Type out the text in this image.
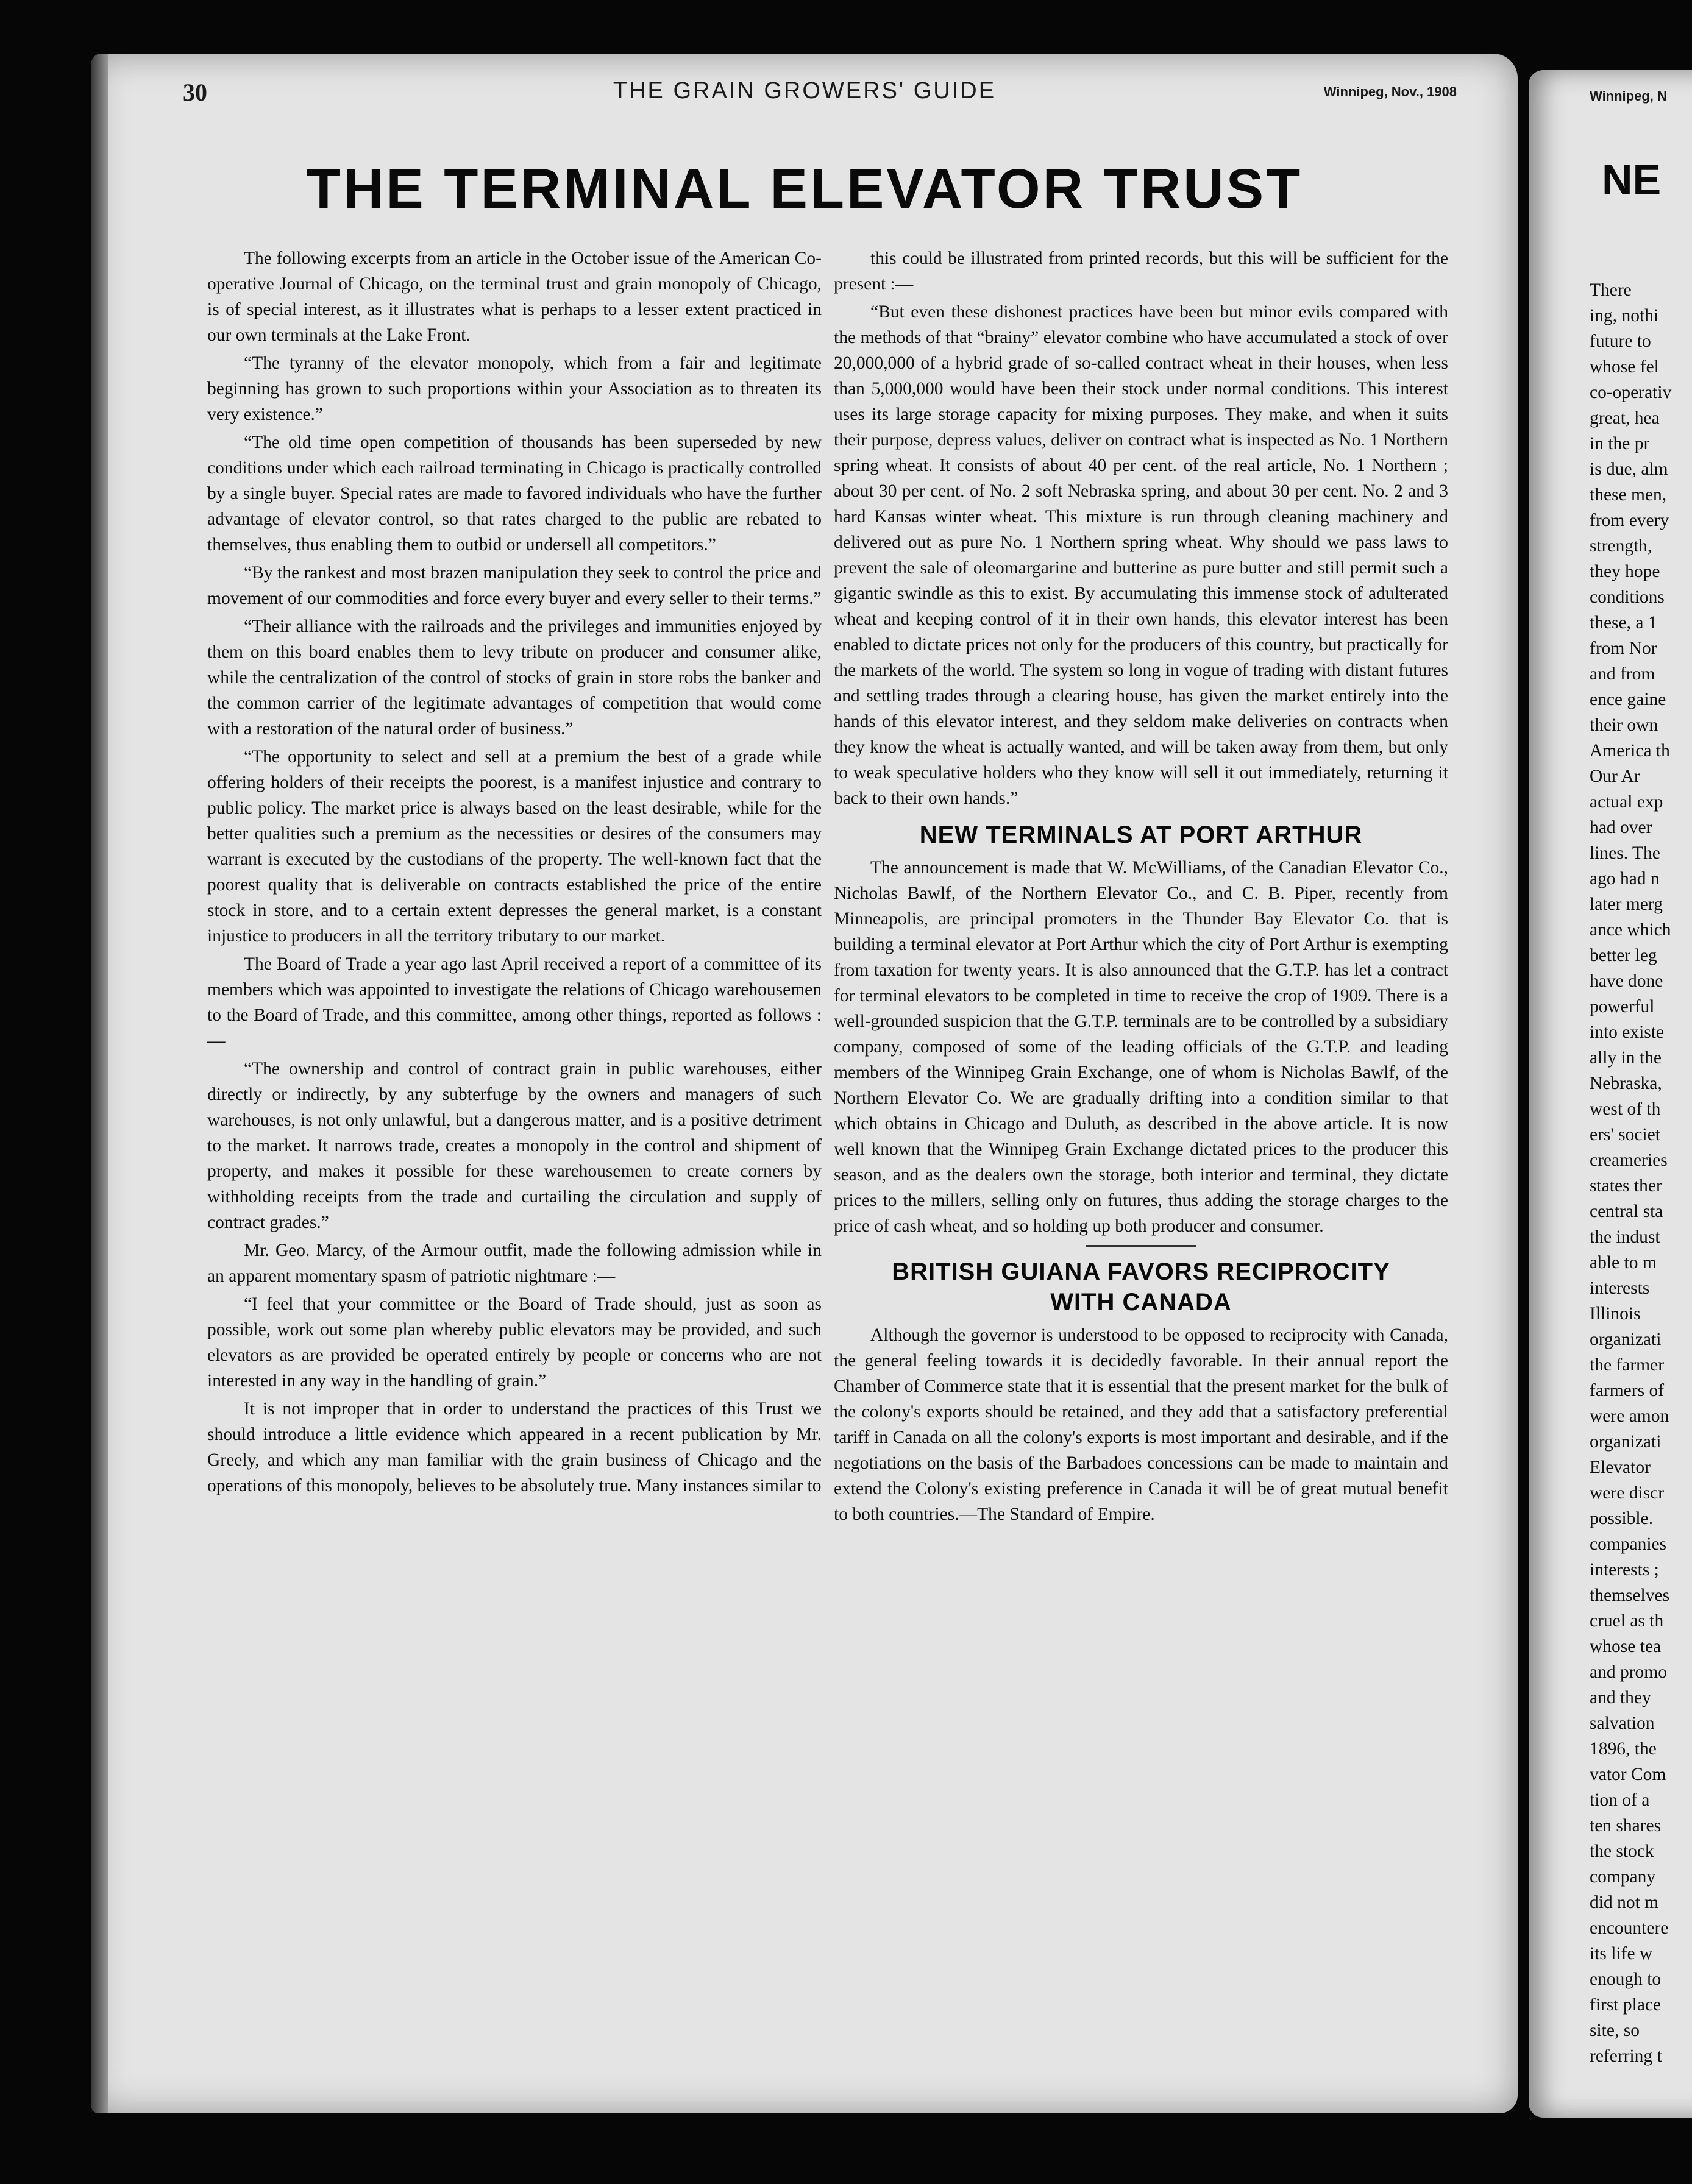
30	THE GRAIN GROWERS' GUIDE	Winnipeg, Nov., 1908
THE TERMINAL ELEVATOR TRUST

The following excerpts from an article in the October issue of the American Co-operative Journal of Chicago, on the terminal trust and grain monopoly of Chicago, is of special interest, as it illustrates what is perhaps to a lesser extent practiced in our own terminals at the Lake Front.

“The tyranny of the elevator monopoly, which from a fair and legitimate beginning has grown to such proportions within your Association as to threaten its very existence.”

“The old time open competition of thousands has been superseded by new conditions under which each railroad terminating in Chicago is practically controlled by a single buyer. Special rates are made to favored individuals who have the further advantage of elevator control, so that rates charged to the public are rebated to themselves, thus enabling them to outbid or undersell all competitors.”

“By the rankest and most brazen manipulation they seek to control the price and movement of our commodities and force every buyer and every seller to their terms.”

“Their alliance with the railroads and the privileges and immunities enjoyed by them on this board enables them to levy tribute on producer and consumer alike, while the centralization of the control of stocks of grain in store robs the banker and the common carrier of the legitimate advantages of competition that would come with a restoration of the natural order of business.”

“The opportunity to select and sell at a premium the best of a grade while offering holders of their receipts the poorest, is a manifest injustice and contrary to public policy. The market price is always based on the least desirable, while for the better qualities such a premium as the necessities or desires of the consumers may warrant is executed by the custodians of the property. The well-known fact that the poorest quality that is deliverable on contracts established the price of the entire stock in store, and to a certain extent depresses the general market, is a constant injustice to producers in all the territory tributary to our market.

The Board of Trade a year ago last April received a report of a committee of its members which was appointed to investigate the relations of Chicago warehousemen to the Board of Trade, and this committee, among other things, reported as follows :—

“The ownership and control of contract grain in public warehouses, either directly or indirectly, by any subterfuge by the owners and managers of such warehouses, is not only unlawful, but a dangerous matter, and is a positive detriment to the market. It narrows trade, creates a monopoly in the control and shipment of property, and makes it possible for these warehousemen to create corners by withholding receipts from the trade and curtailing the circulation and supply of contract grades.”

Mr. Geo. Marcy, of the Armour outfit, made the following admission while in an apparent momentary spasm of patriotic nightmare :—

“I feel that your committee or the Board of Trade should, just as soon as possible, work out some plan whereby public elevators may be provided, and such elevators as are provided be operated entirely by people or concerns who are not interested in any way in the handling of grain.”

It is not improper that in order to understand the practices of this Trust we should introduce a little evidence which appeared in a recent publication by Mr. Greely, and which any man familiar with the grain business of Chicago and the operations of this monopoly, believes to be absolutely true. Many instances similar to

this could be illustrated from printed records, but this will be sufficient for the present :—

“But even these dishonest practices have been but minor evils compared with the methods of that “brainy” elevator combine who have accumulated a stock of over 20,000,000 of a hybrid grade of so-called contract wheat in their houses, when less than 5,000,000 would have been their stock under normal conditions. This interest uses its large storage capacity for mixing purposes. They make, and when it suits their purpose, depress values, deliver on contract what is inspected as No. 1 Northern spring wheat. It consists of about 40 per cent. of the real article, No. 1 Northern ; about 30 per cent. of No. 2 soft Nebraska spring, and about 30 per cent. No. 2 and 3 hard Kansas winter wheat. This mixture is run through cleaning machinery and delivered out as pure No. 1 Northern spring wheat. Why should we pass laws to prevent the sale of oleomargarine and butterine as pure butter and still permit such a gigantic swindle as this to exist. By accumulating this immense stock of adulterated wheat and keeping control of it in their own hands, this elevator interest has been enabled to dictate prices not only for the producers of this country, but practically for the markets of the world. The system so long in vogue of trading with distant futures and settling trades through a clearing house, has given the market entirely into the hands of this elevator interest, and they seldom make deliveries on contracts when they know the wheat is actually wanted, and will be taken away from them, but only to weak speculative holders who they know will sell it out immediately, returning it back to their own hands.”

NEW TERMINALS AT PORT ARTHUR

The announcement is made that W. McWilliams, of the Canadian Elevator Co., Nicholas Bawlf, of the Northern Elevator Co., and C. B. Piper, recently from Minneapolis, are principal promoters in the Thunder Bay Elevator Co. that is building a terminal elevator at Port Arthur which the city of Port Arthur is exempting from taxation for twenty years. It is also announced that the G.T.P. has let a contract for terminal elevators to be completed in time to receive the crop of 1909. There is a well-grounded suspicion that the G.T.P. terminals are to be controlled by a subsidiary company, composed of some of the leading officials of the G.T.P. and leading members of the Winnipeg Grain Exchange, one of whom is Nicholas Bawlf, of the Northern Elevator Co. We are gradually drifting into a condition similar to that which obtains in Chicago and Duluth, as described in the above article. It is now well known that the Winnipeg Grain Exchange dictated prices to the producer this season, and as the dealers own the storage, both interior and terminal, they dictate prices to the millers, selling only on futures, thus adding the storage charges to the price of cash wheat, and so holding up both producer and consumer.

BRITISH GUIANA FAVORS RECIPROCITY
WITH CANADA

Although the governor is understood to be opposed to reciprocity with Canada, the general feeling towards it is decidedly favorable. In their annual report the Chamber of Commerce state that it is essential that the present market for the bulk of the colony's exports should be retained, and they add that a satisfactory preferential tariff in Canada on all the colony's exports is most important and desirable, and if the negotiations on the basis of the Barbadoes concessions can be made to maintain and extend the Colony's existing preference in Canada it will be of great mutual benefit to both countries.—The Standard of Empire.

Winnipeg, N
NE
There
ing, nothi
future to
whose fel
co-operativ
great, hea
in the pr
is due, alm
these men,
from every
strength,
they hope
conditions
these, a 1
from Nor
and from
ence gaine
their own
America th
Our Ar
actual exp
had over
lines. The
ago had n
later merg
ance which
better leg
have done
powerful
into existe
ally in the
Nebraska,
west of th
ers' societ
creameries
states ther
central sta
the indust
able to m
interests
Illinois
organizati
the farmer
farmers of
were amon
organizati
Elevator
were discr
possible.
companies
interests ;
themselves
cruel as th
whose tea
and promo
and they
salvation
1896, the
vator Com
tion of a
ten shares
the stock
company
did not m
encountere
its life w
enough to
first place
site, so
referring t
